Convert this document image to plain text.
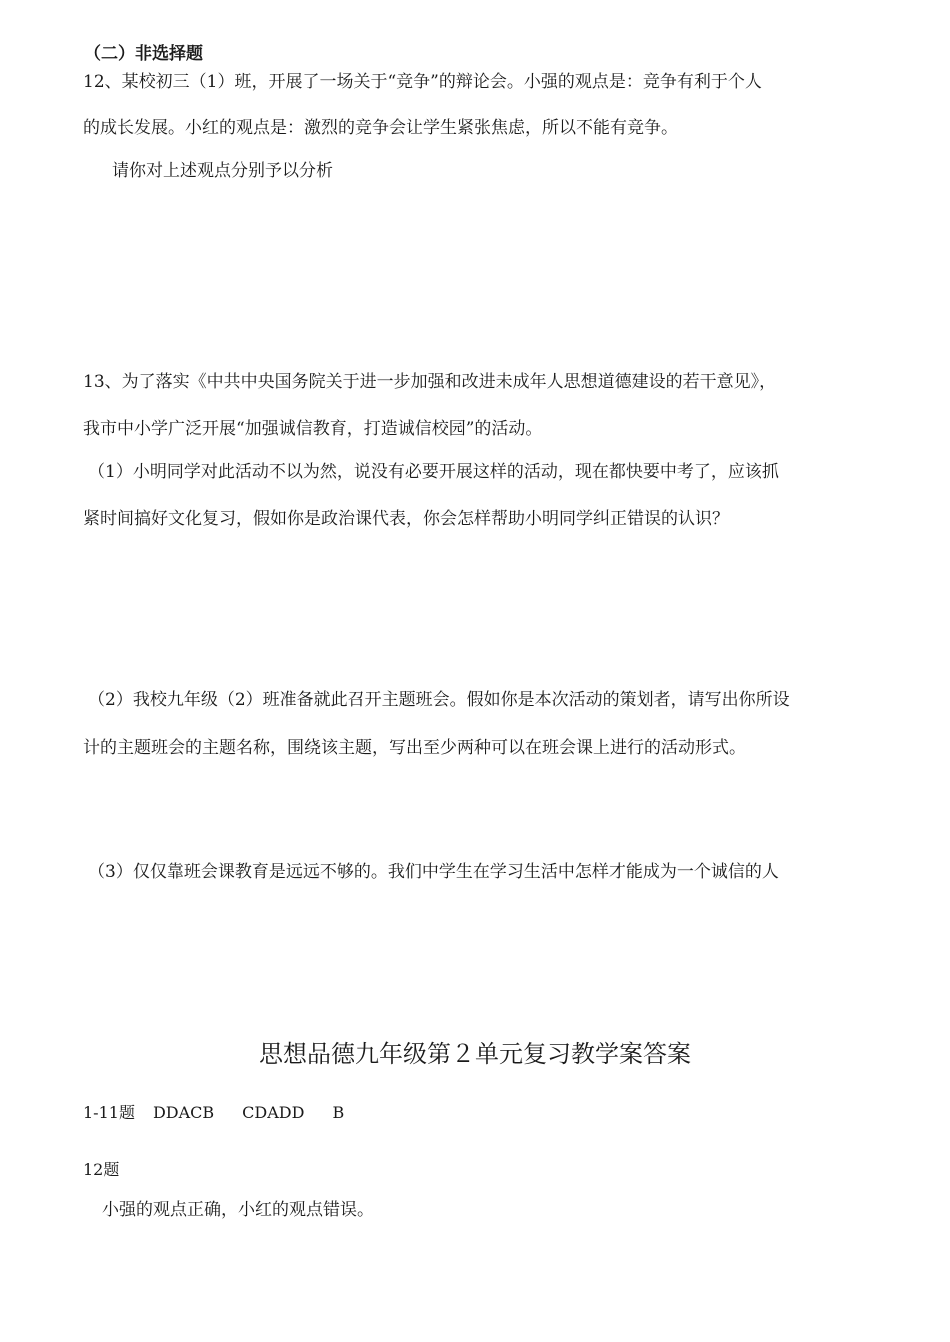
（二）非选择题
12、某校初三（1）班，开展了一场关于“竞争”的辩论会。小强的观点是：竞争有利于个人
的成长发展。小红的观点是：激烈的竞争会让学生紧张焦虑，所以不能有竞争。
请你对上述观点分别予以分析
13、为了落实《中共中央国务院关于进一步加强和改进未成年人思想道德建设的若干意见》，
我市中小学广泛开展“加强诚信教育，打造诚信校园”的活动。
（1）小明同学对此活动不以为然，说没有必要开展这样的活动，现在都快要中考了，应该抓
紧时间搞好文化复习，假如你是政治课代表，你会怎样帮助小明同学纠正错误的认识？
（2）我校九年级（2）班准备就此召开主题班会。假如你是本次活动的策划者，请写出你所设
计的主题班会的主题名称，围绕该主题，写出至少两种可以在班会课上进行的活动形式。
（3）仅仅靠班会课教育是远远不够的。我们中学生在学习生活中怎样才能成为一个诚信的人
思想品德九年级第２单元复习教学案答案
1-11题 DDACB CDADD B
12题
小强的观点正确，小红的观点错误。
